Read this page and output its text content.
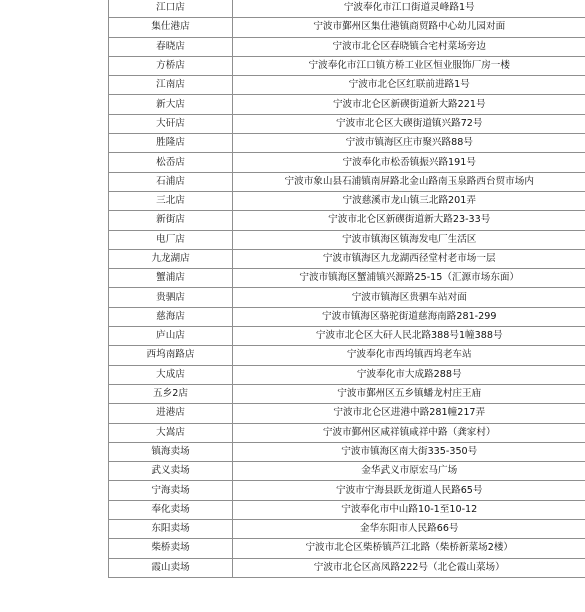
江口店	宁波奉化市江口街道灵峰路1号
集仕港店	宁波市鄞州区集仕港镇商贸路中心幼儿园对面
春晓店	宁波市北仑区春晓镇合宅村菜场旁边
方桥店	宁波奉化市江口镇方桥工业区恒业服饰厂房一楼
江南店	宁波市北仑区红联前进路1号
新大店	宁波市北仑区新碶街道新大路221号
大矸店	宁波市北仑区大碶街道镇兴路72号
胜隆店	宁波市镇海区庄市聚兴路88号
松岙店	宁波奉化市松岙镇振兴路191号
石浦店	宁波市象山县石浦镇南屏路北金山路南玉泉路西台贸市场内
三北店	宁波慈溪市龙山镇三北路201弄
新街店	宁波市北仑区新碶街道新大路23-33号
电厂店	宁波市镇海区镇海发电厂生活区
九龙湖店	宁波市镇海区九龙湖西径堂村老市场一层
蟹浦店	宁波市镇海区蟹浦镇兴源路25-15（汇源市场东面）
贵驷店	宁波市镇海区贵驷车站对面
慈海店	宁波市镇海区骆驼街道慈海南路281-299
庐山店	宁波市北仑区大矸人民北路388号1幢388号
西坞南路店	宁波奉化市西坞镇西坞老车站
大成店	宁波奉化市大成路288号
五乡2店	宁波市鄞州区五乡镇蟠龙村庄王庙
进港店	宁波市北仑区进港中路281幢217弄
大嵩店	宁波市鄞州区咸祥镇咸祥中路（龚家村）
镇海卖场	宁波市镇海区南大街335-350号
武义卖场	金华武义市原宏马广场
宁海卖场	宁波市宁海县跃龙街道人民路65号
奉化卖场	宁波奉化市中山路10-1至10-12
东阳卖场	金华东阳市人民路66号
柴桥卖场	宁波市北仑区柴桥镇芦江北路（柴桥新菜场2楼）
霞山卖场	宁波市北仑区高凤路222号（北仑霞山菜场）
